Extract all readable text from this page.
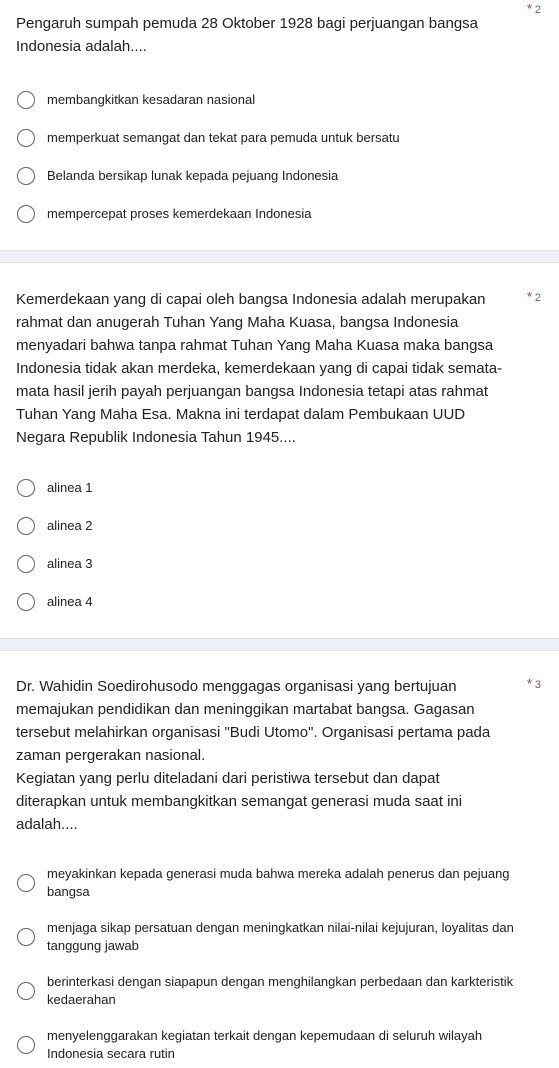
Pengaruh sumpah pemuda 28 Oktober 1928 bagi perjuangan bangsa Indonesia adalah....

* 2
membangkitkan kesadaran nasional
memperkuat semangat dan tekat para pemuda untuk bersatu
Belanda bersikap lunak kepada pejuang Indonesia
mempercepat proses kemerdekaan Indonesia

Kemerdekaan yang di capai oleh bangsa Indonesia adalah merupakan rahmat dan anugerah Tuhan Yang Maha Kuasa, bangsa Indonesia menyadari bahwa tanpa rahmat Tuhan Yang Maha Kuasa maka bangsa Indonesia tidak akan merdeka, kemerdekaan yang di capai tidak semata-mata hasil jerih payah perjuangan bangsa Indonesia tetapi atas rahmat Tuhan Yang Maha Esa. Makna ini terdapat dalam Pembukaan UUD Negara Republik Indonesia Tahun 1945....

* 2
alinea 1
alinea 2
alinea 3
alinea 4

Dr. Wahidin Soedirohusodo menggagas organisasi yang bertujuan memajukan pendidikan dan meninggikan martabat bangsa. Gagasan tersebut melahirkan organisasi "Budi Utomo". Organisasi pertama pada zaman pergerakan nasional.

Kegiatan yang perlu diteladani dari peristiwa tersebut dan dapat diterapkan untuk membangkitkan semangat generasi muda saat ini adalah....

* 3
meyakinkan kepada generasi muda bahwa mereka adalah penerus dan pejuang bangsa
menjaga sikap persatuan dengan meningkatkan nilai-nilai kejujuran, loyalitas dan tanggung jawab
berinterkasi dengan siapapun dengan menghilangkan perbedaan dan karkteristik kedaerahan
menyelenggarakan kegiatan terkait dengan kepemudaan di seluruh wilayah Indonesia secara rutin
